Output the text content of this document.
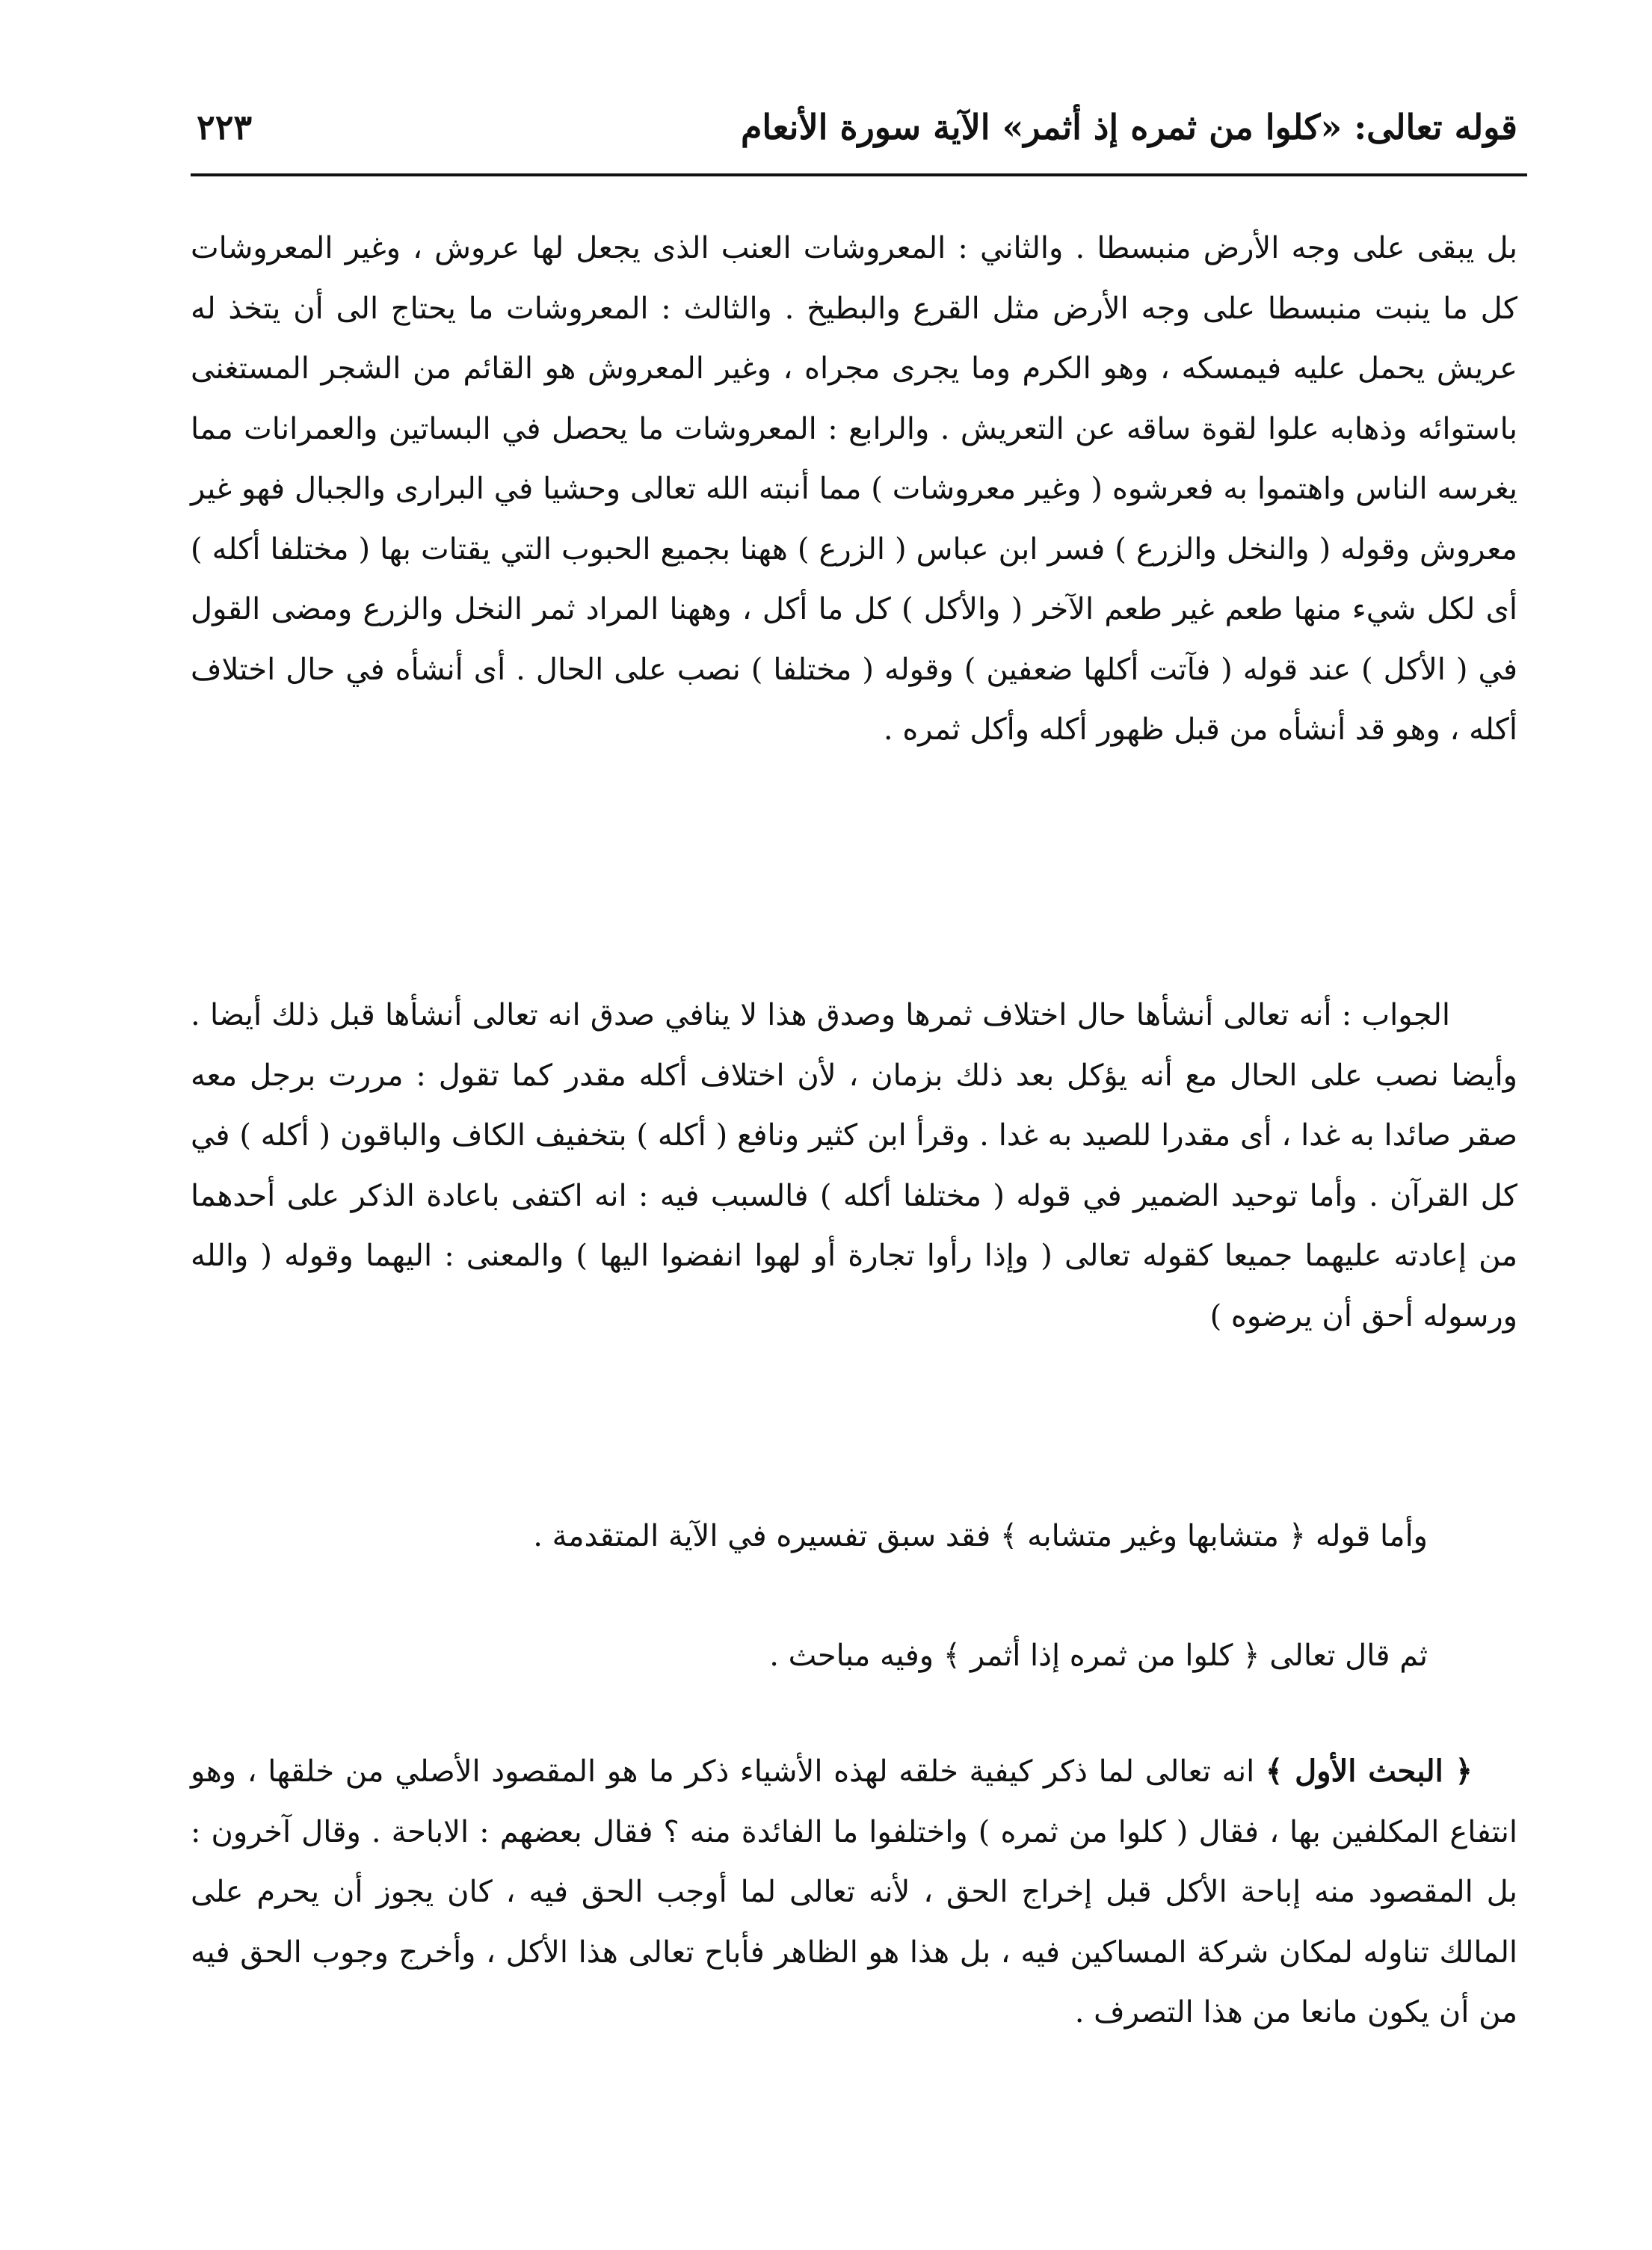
قوله تعالى: «كلوا من ثمره إذ أثمر» الآية سورة الأنعام
٢٢٣

بل يبقى على وجه الأرض منبسطا . والثاني : المعروشات العنب الذى يجعل لها عروش ، وغير المعروشات كل ما ينبت منبسطا على وجه الأرض مثل القرع والبطيخ . والثالث : المعروشات ما يحتاج الى أن يتخذ له عريش يحمل عليه فيمسكه ، وهو الكرم وما يجرى مجراه ، وغير المعروش هو القائم من الشجر المستغنى باستوائه وذهابه علوا لقوة ساقه عن التعريش . والرابع : المعروشات ما يحصل في البساتين والعمرانات مما يغرسه الناس واهتموا به فعرشوه ( وغير معروشات ) مما أنبته الله تعالى وحشيا في البرارى والجبال فهو غير معروش وقوله ( والنخل والزرع ) فسر ابن عباس ( الزرع ) ههنا بجميع الحبوب التي يقتات بها ( مختلفا أكله ) أى لكل شيء منها طعم غير طعم الآخر ( والأكل ) كل ما أكل ، وههنا المراد ثمر النخل والزرع ومضى القول في ( الأكل ) عند قوله ( فآتت أكلها ضعفين ) وقوله ( مختلفا ) نصب على الحال . أى أنشأه في حال اختلاف أكله ، وهو قد أنشأه من قبل ظهور أكله وأكل ثمره .

الجواب : أنه تعالى أنشأها حال اختلاف ثمرها وصدق هذا لا ينافي صدق انه تعالى أنشأها قبل ذلك أيضا . وأيضا نصب على الحال مع أنه يؤكل بعد ذلك بزمان ، لأن اختلاف أكله مقدر كما تقول : مررت برجل معه صقر صائدا به غدا ، أى مقدرا للصيد به غدا . وقرأ ابن كثير ونافع ( أكله ) بتخفيف الكاف والباقون ( أكله ) في كل القرآن . وأما توحيد الضمير في قوله ( مختلفا أكله ) فالسبب فيه : انه اكتفى باعادة الذكر على أحدهما من إعادته عليهما جميعا كقوله تعالى ( وإذا رأوا تجارة أو لهوا انفضوا اليها ) والمعنى : اليهما وقوله ( والله ورسوله أحق أن يرضوه )

وأما قوله ﴿ متشابها وغير متشابه ﴾ فقد سبق تفسيره في الآية المتقدمة .

ثم قال تعالى ﴿ كلوا من ثمره إذا أثمر ﴾ وفيه مباحث .

﴿ البحث الأول ﴾ انه تعالى لما ذكر كيفية خلقه لهذه الأشياء ذكر ما هو المقصود الأصلي من خلقها ، وهو انتفاع المكلفين بها ، فقال ( كلوا من ثمره ) واختلفوا ما الفائدة منه ؟ فقال بعضهم : الاباحة . وقال آخرون : بل المقصود منه إباحة الأكل قبل إخراج الحق ، لأنه تعالى لما أوجب الحق فيه ، كان يجوز أن يحرم على المالك تناوله لمكان شركة المساكين فيه ، بل هذا هو الظاهر فأباح تعالى هذا الأكل ، وأخرج وجوب الحق فيه من أن يكون مانعا من هذا التصرف .
